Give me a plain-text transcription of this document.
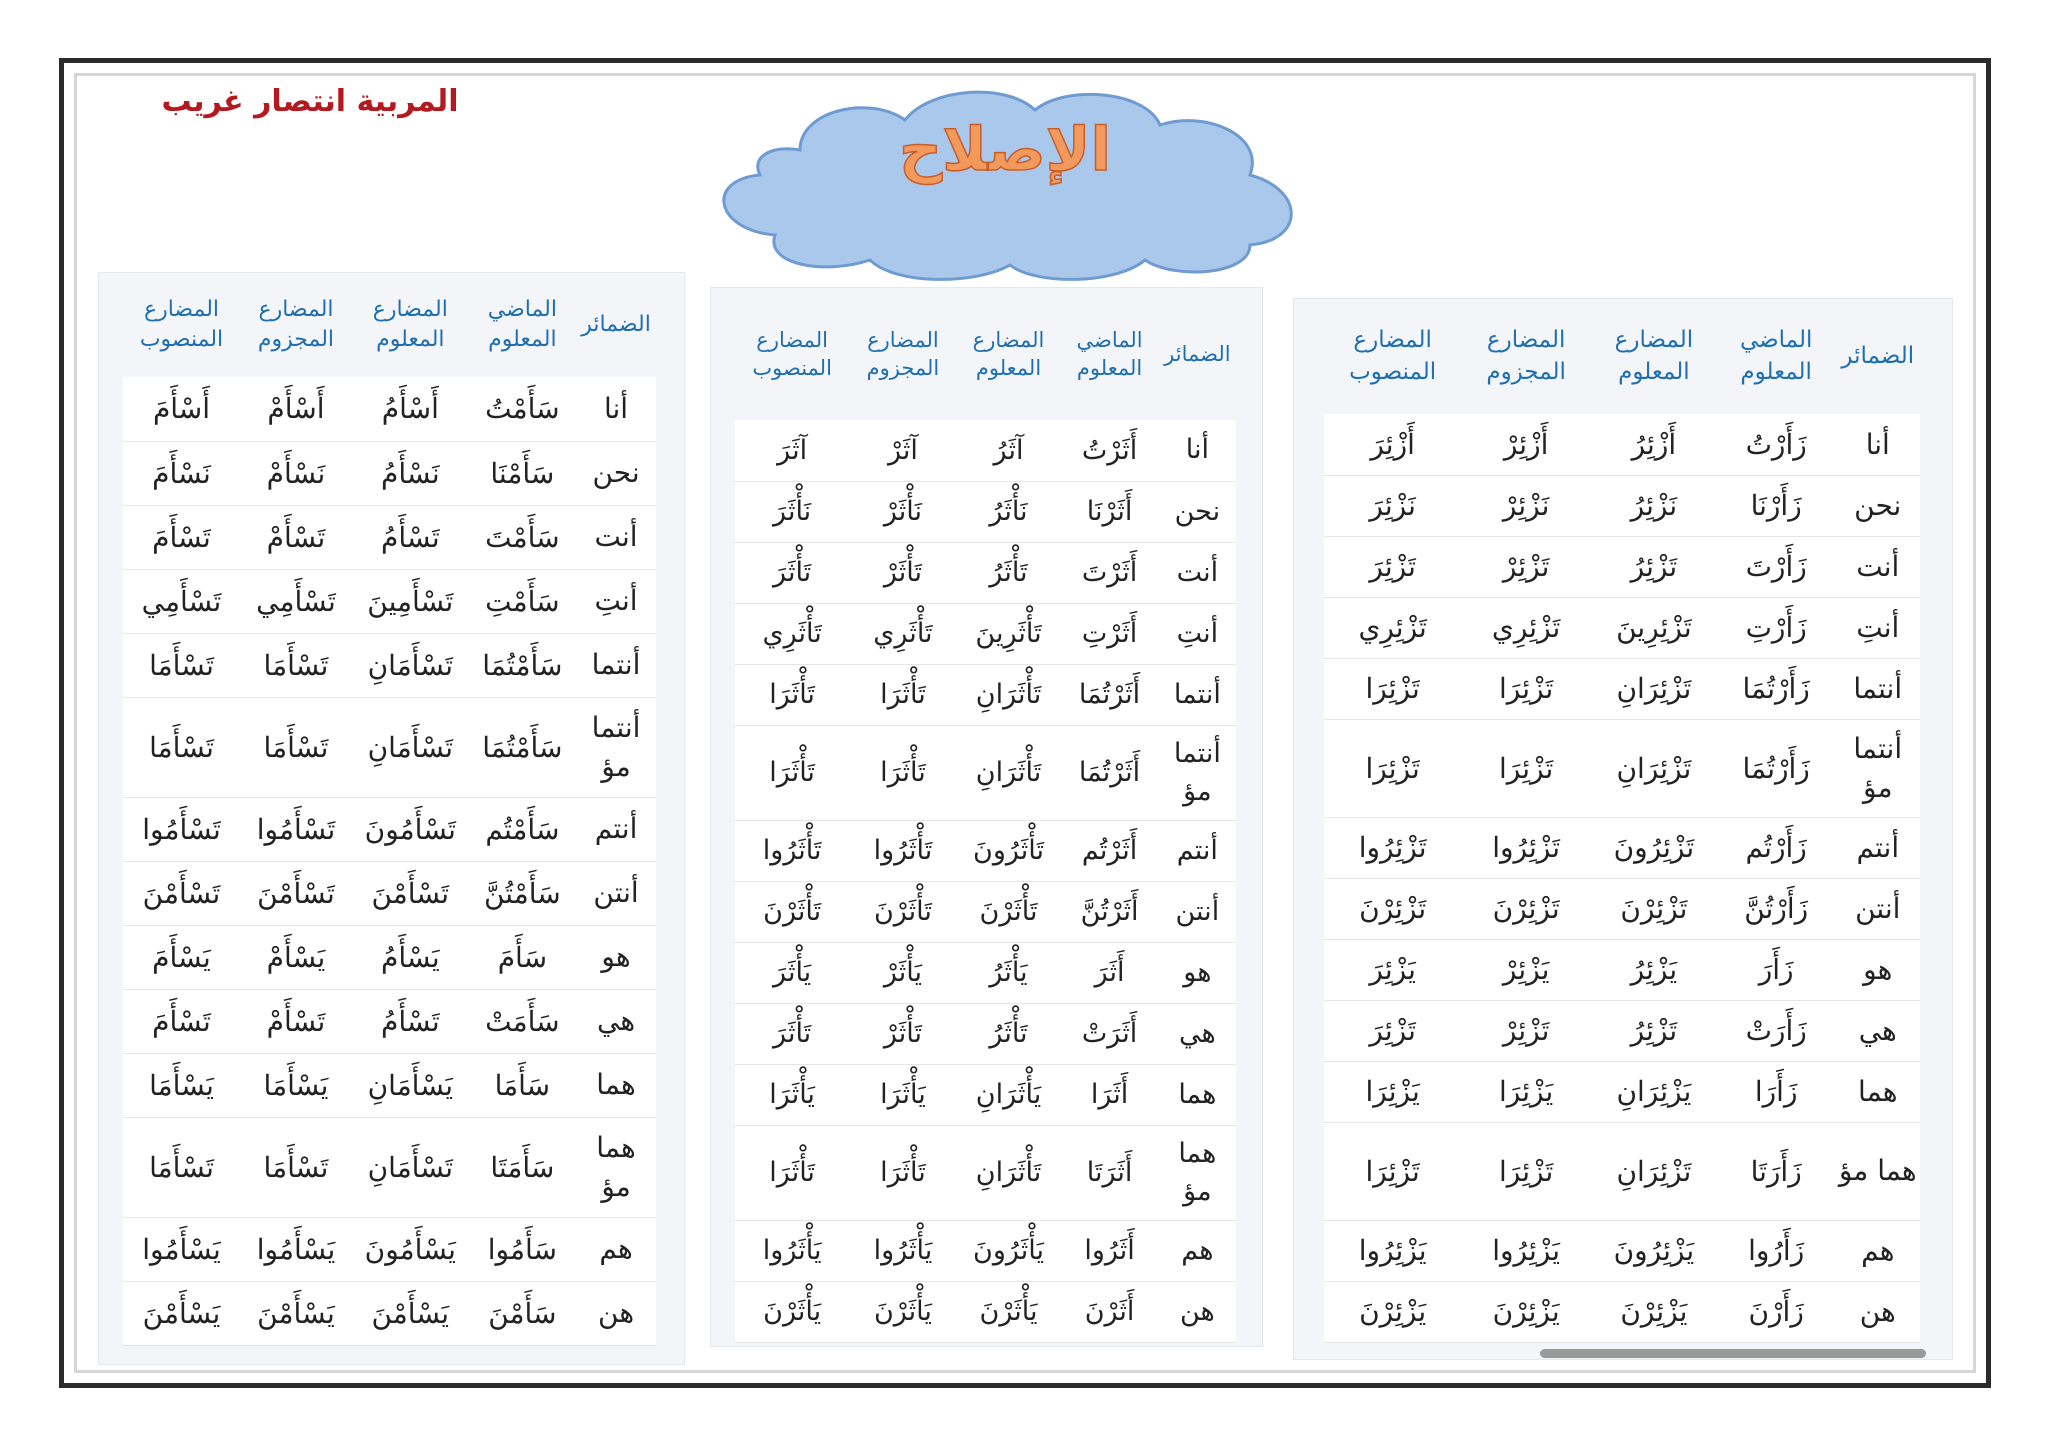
المربية انتصار غريب
الإصلاح
الضمائر	الماضي المعلوم	المضارع المعلوم	المضارع المجزوم	المضارع المنصوب
أنا	سَأَمْتُ	أَسْأَمُ	أَسْأَمْ	أَسْأَمَ
نحن	سَأَمْنَا	نَسْأَمُ	نَسْأَمْ	نَسْأَمَ
أنت	سَأَمْتَ	تَسْأَمُ	تَسْأَمْ	تَسْأَمَ
أنتِ	سَأَمْتِ	تَسْأَمِينَ	تَسْأَمِي	تَسْأَمِي
أنتما	سَأَمْتُمَا	تَسْأَمَانِ	تَسْأَمَا	تَسْأَمَا
أنتما مؤ	سَأَمْتُمَا	تَسْأَمَانِ	تَسْأَمَا	تَسْأَمَا
أنتم	سَأَمْتُم	تَسْأَمُونَ	تَسْأَمُوا	تَسْأَمُوا
أنتن	سَأَمْتُنَّ	تَسْأَمْنَ	تَسْأَمْنَ	تَسْأَمْنَ
هو	سَأَمَ	يَسْأَمُ	يَسْأَمْ	يَسْأَمَ
هي	سَأَمَتْ	تَسْأَمُ	تَسْأَمْ	تَسْأَمَ
هما	سَأَمَا	يَسْأَمَانِ	يَسْأَمَا	يَسْأَمَا
هما مؤ	سَأَمَتَا	تَسْأَمَانِ	تَسْأَمَا	تَسْأَمَا
هم	سَأَمُوا	يَسْأَمُونَ	يَسْأَمُوا	يَسْأَمُوا
هن	سَأَمْنَ	يَسْأَمْنَ	يَسْأَمْنَ	يَسْأَمْنَ
الضمائر	الماضي المعلوم	المضارع المعلوم	المضارع المجزوم	المضارع المنصوب
أنا	أَثَرْتُ	آثَرُ	آثَرْ	آثَرَ
نحن	أَثَرْنَا	نَأْثَرُ	نَأْثَرْ	نَأْثَرَ
أنت	أَثَرْتَ	تَأْثَرُ	تَأْثَرْ	تَأْثَرَ
أنتِ	أَثَرْتِ	تَأْثَرِينَ	تَأْثَرِي	تَأْثَرِي
أنتما	أَثَرْتُمَا	تَأْثَرَانِ	تَأْثَرَا	تَأْثَرَا
أنتما مؤ	أَثَرْتُمَا	تَأْثَرَانِ	تَأْثَرَا	تَأْثَرَا
أنتم	أَثَرْتُم	تَأْثَرُونَ	تَأْثَرُوا	تَأْثَرُوا
أنتن	أَثَرْتُنَّ	تَأْثَرْنَ	تَأْثَرْنَ	تَأْثَرْنَ
هو	أَثَرَ	يَأْثَرُ	يَأْثَرْ	يَأْثَرَ
هي	أَثَرَتْ	تَأْثَرُ	تَأْثَرْ	تَأْثَرَ
هما	أَثَرَا	يَأْثَرَانِ	يَأْثَرَا	يَأْثَرَا
هما مؤ	أَثَرَتَا	تَأْثَرَانِ	تَأْثَرَا	تَأْثَرَا
هم	أَثَرُوا	يَأْثَرُونَ	يَأْثَرُوا	يَأْثَرُوا
هن	أَثَرْنَ	يَأْثَرْنَ	يَأْثَرْنَ	يَأْثَرْنَ
الضمائر	الماضي المعلوم	المضارع المعلوم	المضارع المجزوم	المضارع المنصوب
أنا	زَأَرْتُ	أَزْئِرُ	أَزْئِرْ	أَزْئِرَ
نحن	زَأَرْنَا	نَزْئِرُ	نَزْئِرْ	نَزْئِرَ
أنت	زَأَرْتَ	تَزْئِرُ	تَزْئِرْ	تَزْئِرَ
أنتِ	زَأَرْتِ	تَزْئِرِينَ	تَزْئِرِي	تَزْئِرِي
أنتما	زَأَرْتُمَا	تَزْئِرَانِ	تَزْئِرَا	تَزْئِرَا
أنتما مؤ	زَأَرْتُمَا	تَزْئِرَانِ	تَزْئِرَا	تَزْئِرَا
أنتم	زَأَرْتُم	تَزْئِرُونَ	تَزْئِرُوا	تَزْئِرُوا
أنتن	زَأَرْتُنَّ	تَزْئِرْنَ	تَزْئِرْنَ	تَزْئِرْنَ
هو	زَأَرَ	يَزْئِرُ	يَزْئِرْ	يَزْئِرَ
هي	زَأَرَتْ	تَزْئِرُ	تَزْئِرْ	تَزْئِرَ
هما	زَأَرَا	يَزْئِرَانِ	يَزْئِرَا	يَزْئِرَا
هما مؤ	زَأَرَتَا	تَزْئِرَانِ	تَزْئِرَا	تَزْئِرَا
هم	زَأَرُوا	يَزْئِرُونَ	يَزْئِرُوا	يَزْئِرُوا
هن	زَأَرْنَ	يَزْئِرْنَ	يَزْئِرْنَ	يَزْئِرْنَ
